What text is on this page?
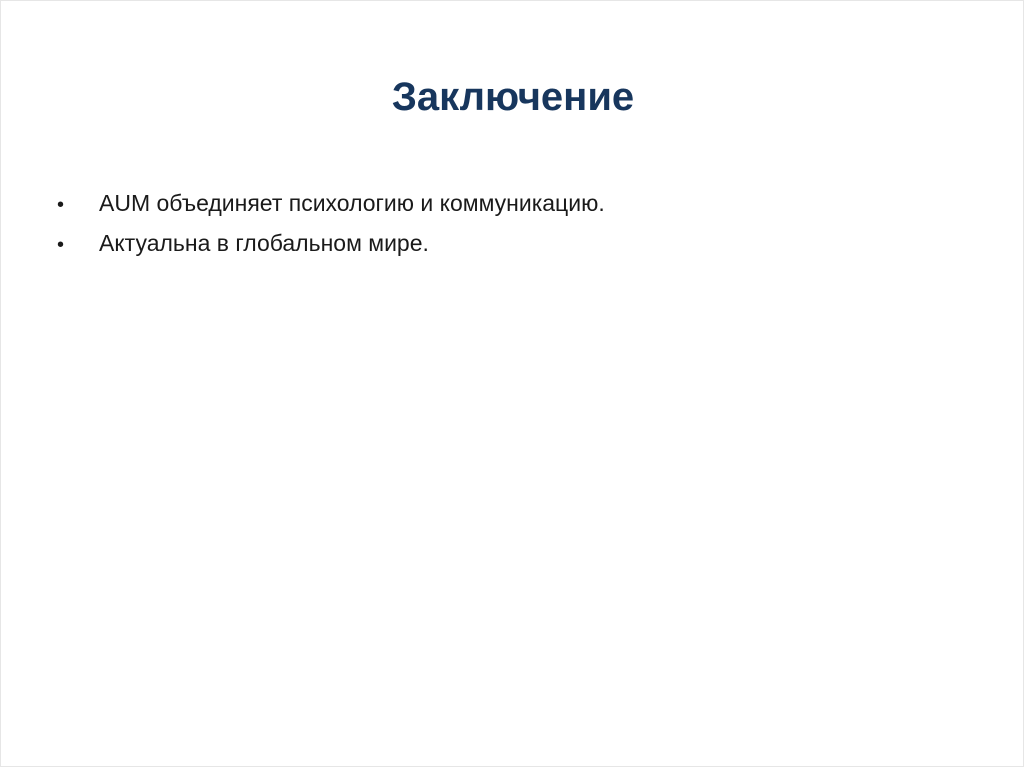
Заключение
•	AUM объединяет психологию и коммуникацию.
•	Актуальна в глобальном мире.
